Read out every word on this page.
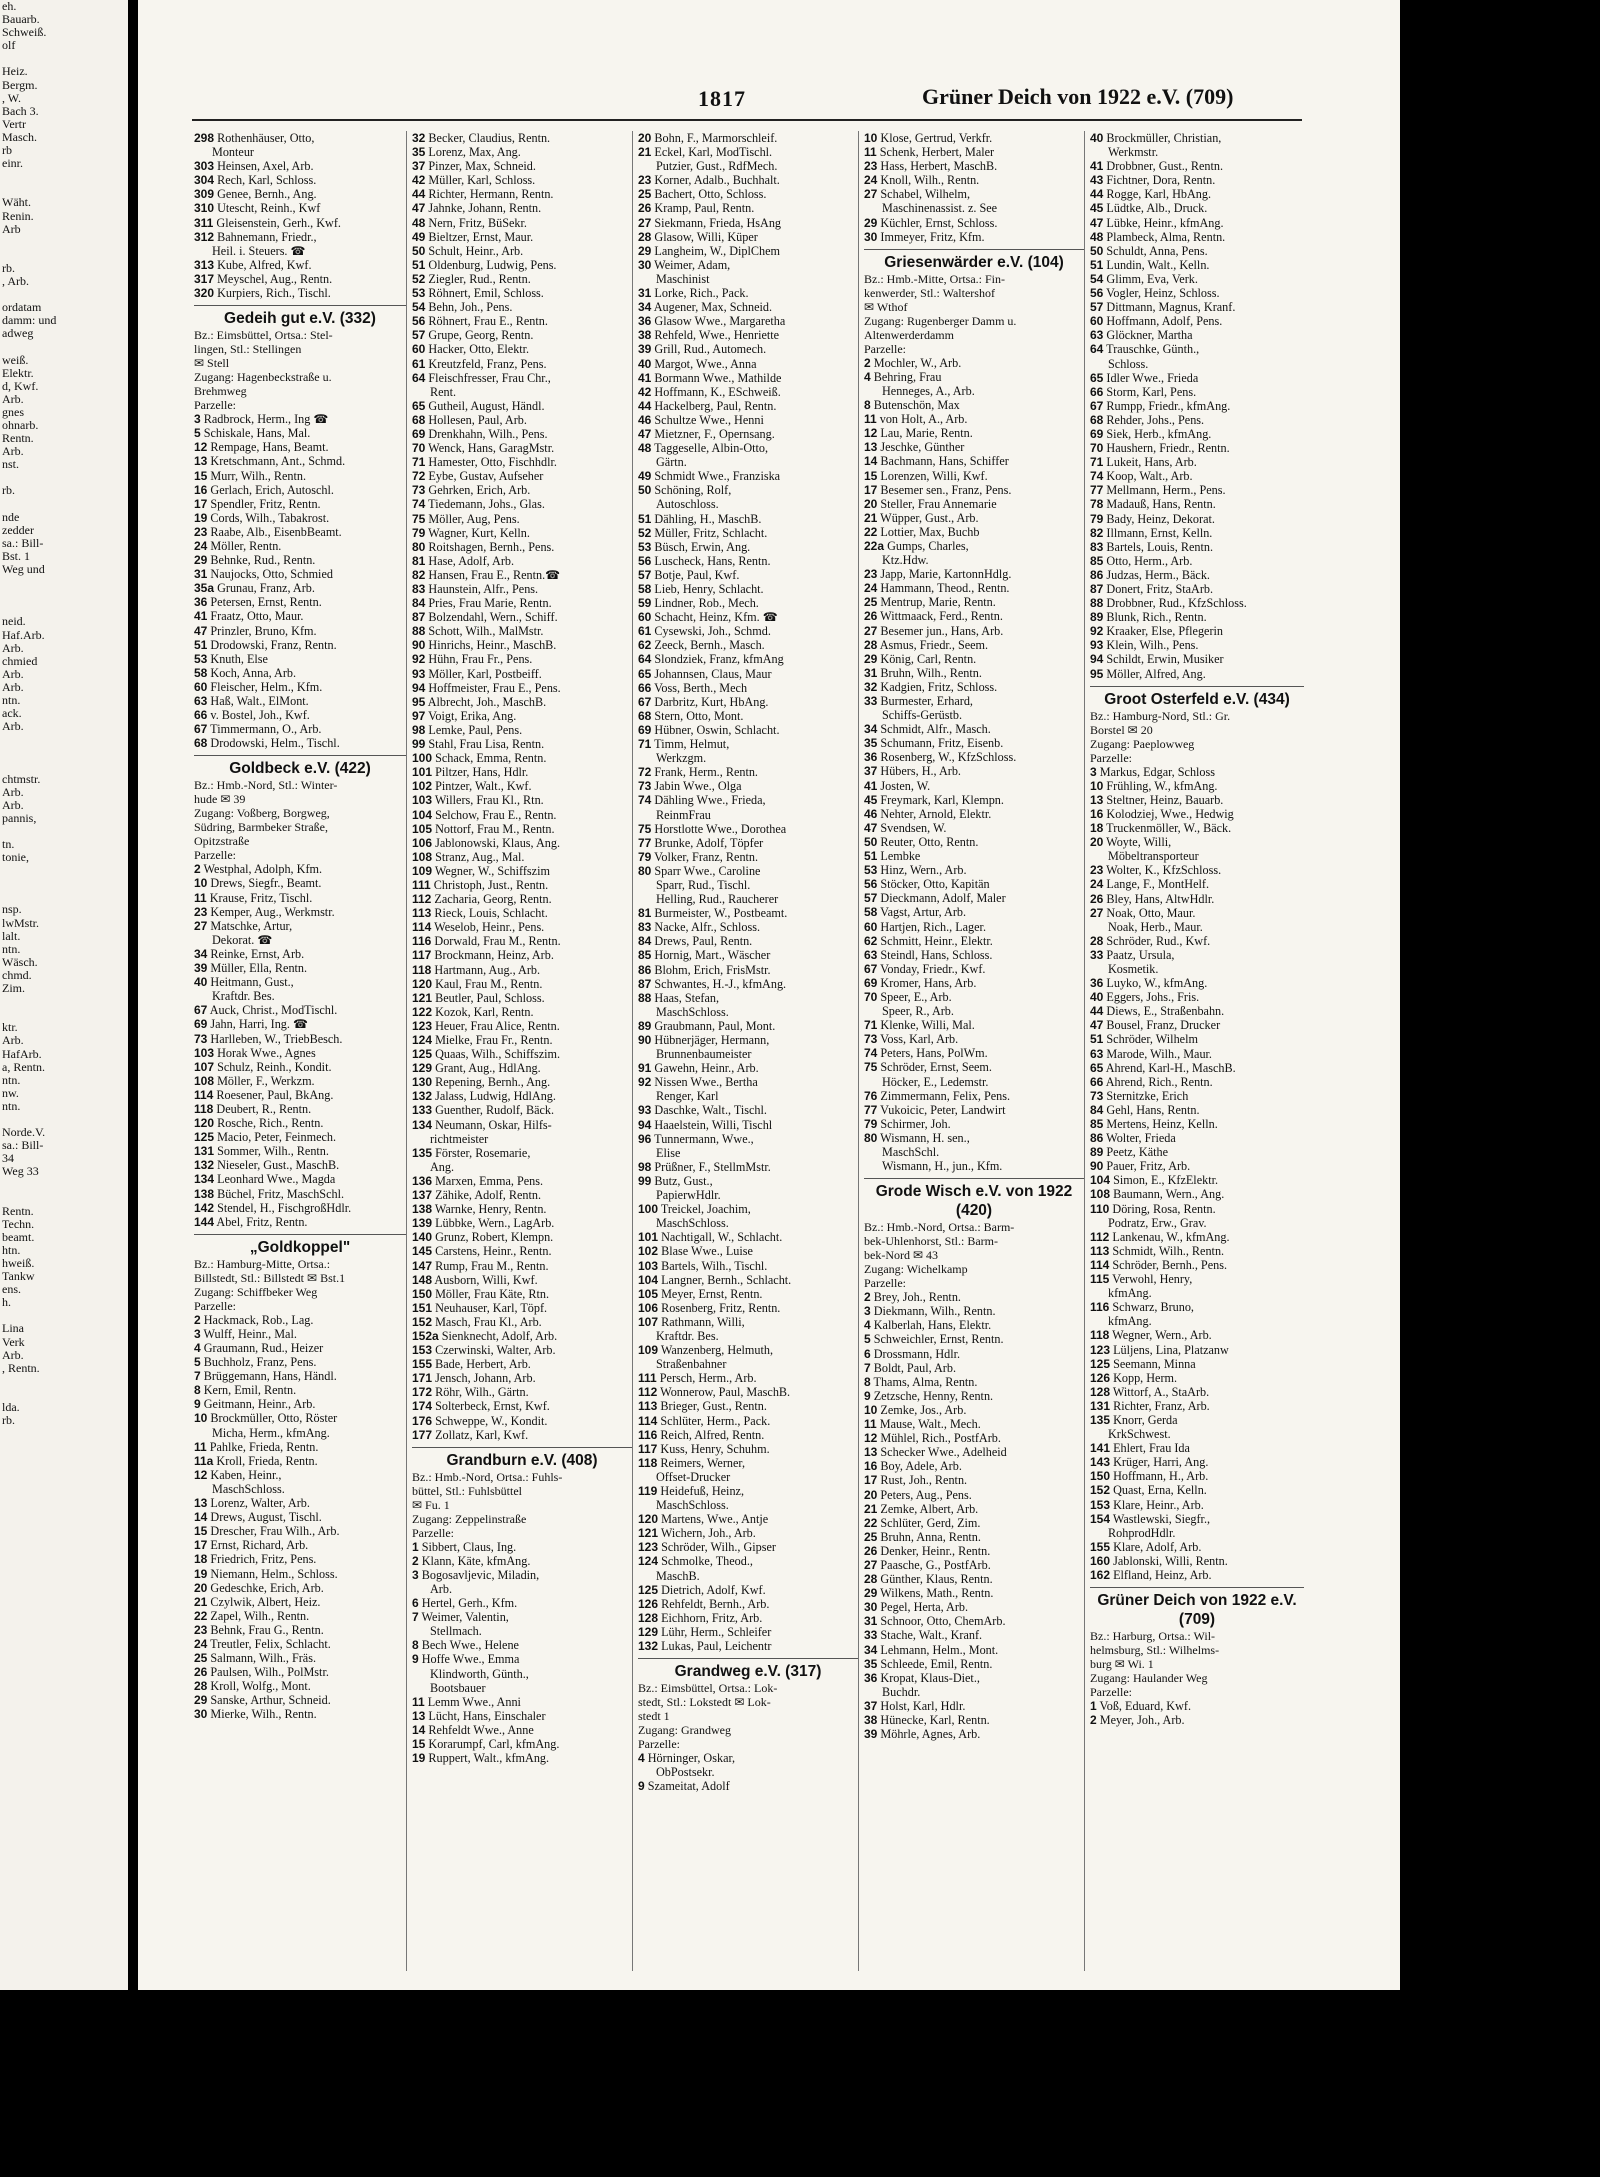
eh.
Bauarb.
Schweiß.
olf

Heiz.
Bergm.
, W.
Bach 3.
Vertr
Masch.
rb
einr.

Wäht.
Renin.
Arb

rb.
, Arb.

ordatam
damm: und
adweg

weiß.
Elektr.
d, Kwf.
Arb.
gnes
ohnarb.
Rentn.
Arb.
nst.

rb.

nde
zedder
sa.: Bill-
Bst. 1
Weg und

neid.
Haf.Arb.
Arb.
chmied
Arb.
Arb.
ntn.
ack.
Arb.

chtmstr.
Arb.
Arb.
pannis,

tn.
tonie,

nsp.
lwMstr.
lalt.
ntn.
Wäsch.
chmd.
Zim.

ktr.
Arb.
HafArb.
a, Rentn.
ntn.
nw.
ntn.

Norde.V.
sa.: Bill-
34
Weg 33

Rentn.
Techn.
beamt.
htn.
hweiß.
Tankw
ens.
h.

Lina
Verk
Arb.
, Rentn.

lda.
rb.
1817	Grüner Deich von 1922 e.V. (709)
298 Rothenhäuser, Otto,
Monteur
303 Heinsen, Axel, Arb.
304 Rech, Karl, Schloss.
309 Genee, Bernh., Ang.
310 Utescht, Reinh., Kwf
311 Gleisenstein, Gerh., Kwf.
312 Bahnemann, Friedr.,
Heil. i. Steuers. ☎
313 Kube, Alfred, Kwf.
317 Meyschel, Aug., Rentn.
320 Kurpiers, Rich., Tischl.
Gedeih gut e.V. (332)
Bz.: Eimsbüttel, Ortsa.: Stel-
lingen, Stl.: Stellingen
✉ Stell
Zugang: Hagenbeckstraße u.
Brehmweg
Parzelle:
3 Radbrock, Herm., Ing ☎
5 Schiskale, Hans, Mal.
12 Rempage, Hans, Beamt.
13 Kretschmann, Ant., Schmd.
15 Murr, Wilh., Rentn.
16 Gerlach, Erich, Autoschl.
17 Spendler, Fritz, Rentn.
19 Cords, Wilh., Tabakrost.
23 Raabe, Alb., EisenbBeamt.
24 Möller, Rentn.
29 Behnke, Rud., Rentn.
31 Naujocks, Otto, Schmied
35a Grunau, Franz, Arb.
36 Petersen, Ernst, Rentn.
41 Fraatz, Otto, Maur.
47 Prinzler, Bruno, Kfm.
51 Drodowski, Franz, Rentn.
53 Knuth, Else
58 Koch, Anna, Arb.
60 Fleischer, Helm., Kfm.
63 Haß, Walt., ElMont.
66 v. Bostel, Joh., Kwf.
67 Timmermann, O., Arb.
68 Drodowski, Helm., Tischl.
Goldbeck e.V. (422)
Bz.: Hmb.-Nord, Stl.: Winter-
hude ✉ 39
Zugang: Voßberg, Borgweg,
Südring, Barmbeker Straße,
Opitzstraße
Parzelle:
2 Westphal, Adolph, Kfm.
10 Drews, Siegfr., Beamt.
11 Krause, Fritz, Tischl.
23 Kemper, Aug., Werkmstr.
27 Matschke, Artur,
Dekorat. ☎
34 Reinke, Ernst, Arb.
39 Müller, Ella, Rentn.
40 Heitmann, Gust.,
Kraftdr. Bes.
67 Auck, Christ., ModTischl.
69 Jahn, Harri, Ing. ☎
73 Harlleben, W., TriebBesch.
103 Horak Wwe., Agnes
107 Schulz, Reinh., Kondit.
108 Möller, F., Werkzm.
114 Roesener, Paul, BkAng.
118 Deubert, R., Rentn.
120 Rosche, Rich., Rentn.
125 Macio, Peter, Feinmech.
131 Sommer, Wilh., Rentn.
132 Nieseler, Gust., MaschB.
134 Leonhard Wwe., Magda
138 Büchel, Fritz, MaschSchl.
142 Stendel, H., FischgroßHdlr.
144 Abel, Fritz, Rentn.
„Goldkoppel"
Bz.: Hamburg-Mitte, Ortsa.:
Billstedt, Stl.: Billstedt ✉ Bst.1
Zugang: Schiffbeker Weg
Parzelle:
2 Hackmack, Rob., Lag.
3 Wulff, Heinr., Mal.
4 Graumann, Rud., Heizer
5 Buchholz, Franz, Pens.
7 Brüggemann, Hans, Händl.
8 Kern, Emil, Rentn.
9 Geitmann, Heinr., Arb.
10 Brockmüller, Otto, Röster
Micha, Herm., kfmAng.
11 Pahlke, Frieda, Rentn.
11a Kroll, Frieda, Rentn.
12 Kaben, Heinr.,
MaschSchloss.
13 Lorenz, Walter, Arb.
14 Drews, August, Tischl.
15 Drescher, Frau Wilh., Arb.
17 Ernst, Richard, Arb.
18 Friedrich, Fritz, Pens.
19 Niemann, Helm., Schloss.
20 Gedeschke, Erich, Arb.
21 Czylwik, Albert, Heiz.
22 Zapel, Wilh., Rentn.
23 Behnk, Frau G., Rentn.
24 Treutler, Felix, Schlacht.
25 Salmann, Wilh., Fräs.
26 Paulsen, Wilh., PolMstr.
28 Kroll, Wolfg., Mont.
29 Sanske, Arthur, Schneid.
30 Mierke, Wilh., Rentn.
32 Becker, Claudius, Rentn.
35 Lorenz, Max, Ang.
37 Pinzer, Max, Schneid.
42 Müller, Karl, Schloss.
44 Richter, Hermann, Rentn.
47 Jahnke, Johann, Rentn.
48 Nern, Fritz, BüSekr.
49 Bieltzer, Ernst, Maur.
50 Schult, Heinr., Arb.
51 Oldenburg, Ludwig, Pens.
52 Ziegler, Rud., Rentn.
53 Röhnert, Emil, Schloss.
54 Behn, Joh., Pens.
56 Röhnert, Frau E., Rentn.
57 Grupe, Georg, Rentn.
60 Hacker, Otto, Elektr.
61 Kreutzfeld, Franz, Pens.
64 Fleischfresser, Frau Chr.,
Rent.
65 Gutheil, August, Händl.
68 Hollesen, Paul, Arb.
69 Drenkhahn, Wilh., Pens.
70 Wenck, Hans, GaragMstr.
71 Hamester, Otto, Fischhdlr.
72 Eybe, Gustav, Aufseher
73 Gehrken, Erich, Arb.
74 Tiedemann, Johs., Glas.
75 Möller, Aug, Pens.
79 Wagner, Kurt, Kelln.
80 Roitshagen, Bernh., Pens.
81 Hase, Adolf, Arb.
82 Hansen, Frau E., Rentn.☎
83 Haunstein, Alfr., Pens.
84 Pries, Frau Marie, Rentn.
87 Bolzendahl, Wern., Schiff.
88 Schott, Wilh., MalMstr.
90 Hinrichs, Heinr., MaschB.
92 Hühn, Frau Fr., Pens.
93 Möller, Karl, Postbeiff.
94 Hoffmeister, Frau E., Pens.
95 Albrecht, Joh., MaschB.
97 Voigt, Erika, Ang.
98 Lemke, Paul, Pens.
99 Stahl, Frau Lisa, Rentn.
100 Schack, Emma, Rentn.
101 Piltzer, Hans, Hdlr.
102 Pintzer, Walt., Kwf.
103 Willers, Frau Kl., Rtn.
104 Selchow, Frau E., Rentn.
105 Nottorf, Frau M., Rentn.
106 Jablonowski, Klaus, Ang.
108 Stranz, Aug., Mal.
109 Wegner, W., Schiffszim
111 Christoph, Just., Rentn.
112 Zacharia, Georg, Rentn.
113 Rieck, Louis, Schlacht.
114 Weselob, Heinr., Pens.
116 Dorwald, Frau M., Rentn.
117 Brockmann, Heinz, Arb.
118 Hartmann, Aug., Arb.
120 Kaul, Frau M., Rentn.
121 Beutler, Paul, Schloss.
122 Kozok, Karl, Rentn.
123 Heuer, Frau Alice, Rentn.
124 Mielke, Frau Fr., Rentn.
125 Quaas, Wilh., Schiffszim.
129 Grant, Aug., HdlAng.
130 Repening, Bernh., Ang.
132 Jalass, Ludwig, HdlAng.
133 Guenther, Rudolf, Bäck.
134 Neumann, Oskar, Hilfs-
richtmeister
135 Förster, Rosemarie,
Ang.
136 Marxen, Emma, Pens.
137 Zähike, Adolf, Rentn.
138 Warnke, Henry, Rentn.
139 Lübbke, Wern., LagArb.
140 Grunz, Robert, Klempn.
145 Carstens, Heinr., Rentn.
147 Rump, Frau M., Rentn.
148 Ausborn, Willi, Kwf.
150 Möller, Frau Käte, Rtn.
151 Neuhauser, Karl, Töpf.
152 Masch, Frau Kl., Arb.
152a Sienknecht, Adolf, Arb.
153 Czerwinski, Walter, Arb.
155 Bade, Herbert, Arb.
171 Jensch, Johann, Arb.
172 Röhr, Wilh., Gärtn.
174 Solterbeck, Ernst, Kwf.
176 Schweppe, W., Kondit.
177 Zollatz, Karl, Kwf.
Grandburn e.V. (408)
Bz.: Hmb.-Nord, Ortsa.: Fuhls-
büttel, Stl.: Fuhlsbüttel
✉ Fu. 1
Zugang: Zeppelinstraße
Parzelle:
1 Sibbert, Claus, Ing.
2 Klann, Käte, kfmAng.
3 Bogosavljevic, Miladin,
Arb.
6 Hertel, Gerh., Kfm.
7 Weimer, Valentin,
Stellmach.
8 Bech Wwe., Helene
9 Hoffe Wwe., Emma
Klindworth, Günth.,
Bootsbauer
11 Lemm Wwe., Anni
13 Lücht, Hans, Einschaler
14 Rehfeldt Wwe., Anne
15 Korarumpf, Carl, kfmAng.
19 Ruppert, Walt., kfmAng.
20 Bohn, F., Marmorschleif.
21 Eckel, Karl, ModTischl.
Putzier, Gust., RdfMech.
23 Korner, Adalb., Buchhalt.
25 Bachert, Otto, Schloss.
26 Kramp, Paul, Rentn.
27 Siekmann, Frieda, HsAng
28 Glasow, Willi, Küper
29 Langheim, W., DiplChem
30 Weimer, Adam,
Maschinist
31 Lorke, Rich., Pack.
34 Augener, Max, Schneid.
36 Glasow Wwe., Margaretha
38 Rehfeld, Wwe., Henriette
39 Grill, Rud., Automech.
40 Margot, Wwe., Anna
41 Bormann Wwe., Mathilde
42 Hoffmann, K., ESchweiß.
44 Hackelberg, Paul, Rentn.
46 Schultze Wwe., Henni
47 Mietzner, F., Opernsang.
48 Taggeselle, Albin-Otto,
Gärtn.
49 Schmidt Wwe., Franziska
50 Schöning, Rolf,
Autoschloss.
51 Dähling, H., MaschB.
52 Müller, Fritz, Schlacht.
53 Büsch, Erwin, Ang.
56 Luscheck, Hans, Rentn.
57 Botje, Paul, Kwf.
58 Lieb, Henry, Schlacht.
59 Lindner, Rob., Mech.
60 Schacht, Heinz, Kfm. ☎
61 Cysewski, Joh., Schmd.
62 Zeeck, Bernh., Masch.
64 Slondziek, Franz, kfmAng
65 Johannsen, Claus, Maur
66 Voss, Berth., Mech
67 Darbritz, Kurt, HbAng.
68 Stern, Otto, Mont.
69 Hübner, Oswin, Schlacht.
71 Timm, Helmut,
Werkzgm.
72 Frank, Herm., Rentn.
73 Jabin Wwe., Olga
74 Dähling Wwe., Frieda,
ReinmFrau
75 Horstlotte Wwe., Dorothea
77 Brunke, Adolf, Töpfer
79 Volker, Franz, Rentn.
80 Sparr Wwe., Caroline
Sparr, Rud., Tischl.
Helling, Rud., Raucherer
81 Burmeister, W., Postbeamt.
83 Nacke, Alfr., Schloss.
84 Drews, Paul, Rentn.
85 Hornig, Mart., Wäscher
86 Blohm, Erich, FrisMstr.
87 Schwantes, H.-J., kfmAng.
88 Haas, Stefan,
MaschSchloss.
89 Graubmann, Paul, Mont.
90 Hübnerjäger, Hermann,
Brunnenbaumeister
91 Gawehn, Heinr., Arb.
92 Nissen Wwe., Bertha
Renger, Karl
93 Daschke, Walt., Tischl.
94 Haaelstein, Willi, Tischl
96 Tunnermann, Wwe.,
Elise
98 Prüßner, F., StellmMstr.
99 Butz, Gust.,
PapierwHdlr.
100 Treickel, Joachim,
MaschSchloss.
101 Nachtigall, W., Schlacht.
102 Blase Wwe., Luise
103 Bartels, Wilh., Tischl.
104 Langner, Bernh., Schlacht.
105 Meyer, Ernst, Rentn.
106 Rosenberg, Fritz, Rentn.
107 Rathmann, Willi,
Kraftdr. Bes.
109 Wanzenberg, Helmuth,
Straßenbahner
111 Persch, Herm., Arb.
112 Wonnerow, Paul, MaschB.
113 Brieger, Gust., Rentn.
114 Schlüter, Herm., Pack.
116 Reich, Alfred, Rentn.
117 Kuss, Henry, Schuhm.
118 Reimers, Werner,
Offset-Drucker
119 Heidefuß, Heinz,
MaschSchloss.
120 Martens, Wwe., Antje
121 Wichern, Joh., Arb.
123 Schröder, Wilh., Gipser
124 Schmolke, Theod.,
MaschB.
125 Dietrich, Adolf, Kwf.
126 Rehfeldt, Bernh., Arb.
128 Eichhorn, Fritz, Arb.
129 Lühr, Herm., Schleifer
132 Lukas, Paul, Leichentr
Grandweg e.V. (317)
Bz.: Eimsbüttel, Ortsa.: Lok-
stedt, Stl.: Lokstedt ✉ Lok-
stedt 1
Zugang: Grandweg
Parzelle:
4 Hörninger, Oskar,
ObPostsekr.
9 Szameitat, Adolf
10 Klose, Gertrud, Verkfr.
11 Schenk, Herbert, Maler
23 Hass, Herbert, MaschB.
24 Knoll, Wilh., Rentn.
27 Schabel, Wilhelm,
Maschinenassist. z. See
29 Küchler, Ernst, Schloss.
30 Immeyer, Fritz, Kfm.
Griesenwärder e.V. (104)
Bz.: Hmb.-Mitte, Ortsa.: Fin-
kenwerder, Stl.: Waltershof
✉ Wthof
Zugang: Rugenberger Damm u.
Altenwerderdamm
Parzelle:
2 Mochler, W., Arb.
4 Behring, Frau
Henneges, A., Arb.
8 Butenschön, Max
11 von Holt, A., Arb.
12 Lau, Marie, Rentn.
13 Jeschke, Günther
14 Bachmann, Hans, Schiffer
15 Lorenzen, Willi, Kwf.
17 Besemer sen., Franz, Pens.
20 Steller, Frau Annemarie
21 Wüpper, Gust., Arb.
22 Lottier, Max, Buchb
22a Gumps, Charles,
Ktz.Hdw.
23 Japp, Marie, KartonnHdlg.
24 Hammann, Theod., Rentn.
25 Mentrup, Marie, Rentn.
26 Wittmaack, Ferd., Rentn.
27 Besemer jun., Hans, Arb.
28 Asmus, Friedr., Seem.
29 König, Carl, Rentn.
31 Bruhn, Wilh., Rentn.
32 Kadgien, Fritz, Schloss.
33 Burmester, Erhard,
Schiffs-Gerüstb.
34 Schmidt, Alfr., Masch.
35 Schumann, Fritz, Eisenb.
36 Rosenberg, W., KfzSchloss.
37 Hübers, H., Arb.
41 Josten, W.
45 Freymark, Karl, Klempn.
46 Nehter, Arnold, Elektr.
47 Svendsen, W.
50 Reuter, Otto, Rentn.
51 Lembke
53 Hinz, Wern., Arb.
56 Stöcker, Otto, Kapitän
57 Dieckmann, Adolf, Maler
58 Vagst, Artur, Arb.
60 Hartjen, Rich., Lager.
62 Schmitt, Heinr., Elektr.
63 Steindl, Hans, Schloss.
67 Vonday, Friedr., Kwf.
69 Kromer, Hans, Arb.
70 Speer, E., Arb.
Speer, R., Arb.
71 Klenke, Willi, Mal.
73 Voss, Karl, Arb.
74 Peters, Hans, PolWm.
75 Schröder, Ernst, Seem.
Höcker, E., Ledemstr.
76 Zimmermann, Felix, Pens.
77 Vukoicic, Peter, Landwirt
79 Schirmer, Joh.
80 Wismann, H. sen.,
MaschSchl.
Wismann, H., jun., Kfm.
Grode Wisch e.V. von 1922
(420)
Bz.: Hmb.-Nord, Ortsa.: Barm-
bek-Uhlenhorst, Stl.: Barm-
bek-Nord ✉ 43
Zugang: Wichelkamp
Parzelle:
2 Brey, Joh., Rentn.
3 Diekmann, Wilh., Rentn.
4 Kalberlah, Hans, Elektr.
5 Schweichler, Ernst, Rentn.
6 Drossmann, Hdlr.
7 Boldt, Paul, Arb.
8 Thams, Alma, Rentn.
9 Zetzsche, Henny, Rentn.
10 Zemke, Jos., Arb.
11 Mause, Walt., Mech.
12 Mühlel, Rich., PostfArb.
13 Schecker Wwe., Adelheid
16 Boy, Adele, Arb.
17 Rust, Joh., Rentn.
20 Peters, Aug., Pens.
21 Zemke, Albert, Arb.
22 Schlüter, Gerd, Zim.
25 Bruhn, Anna, Rentn.
26 Denker, Heinr., Rentn.
27 Paasche, G., PostfArb.
28 Günther, Klaus, Rentn.
29 Wilkens, Math., Rentn.
30 Pegel, Herta, Arb.
31 Schnoor, Otto, ChemArb.
33 Stache, Walt., Kranf.
34 Lehmann, Helm., Mont.
35 Schleede, Emil, Rentn.
36 Kropat, Klaus-Diet.,
Buchdr.
37 Holst, Karl, Hdlr.
38 Hünecke, Karl, Rentn.
39 Möhrle, Agnes, Arb.
40 Brockmüller, Christian,
Werkmstr.
41 Drobbner, Gust., Rentn.
43 Fichtner, Dora, Rentn.
44 Rogge, Karl, HbAng.
45 Lüdtke, Alb., Druck.
47 Lübke, Heinr., kfmAng.
48 Plambeck, Alma, Rentn.
50 Schuldt, Anna, Pens.
51 Lundin, Walt., Kelln.
54 Glimm, Eva, Verk.
56 Vogler, Heinz, Schloss.
57 Dittmann, Magnus, Kranf.
60 Hoffmann, Adolf, Pens.
63 Glöckner, Martha
64 Trauschke, Günth.,
Schloss.
65 Idler Wwe., Frieda
66 Storm, Karl, Pens.
67 Rumpp, Friedr., kfmAng.
68 Rehder, Johs., Pens.
69 Siek, Herb., kfmAng.
70 Haushern, Friedr., Rentn.
71 Lukeit, Hans, Arb.
74 Koop, Walt., Arb.
77 Mellmann, Herm., Pens.
78 Madauß, Hans, Rentn.
79 Bady, Heinz, Dekorat.
82 Illmann, Ernst, Kelln.
83 Bartels, Louis, Rentn.
85 Otto, Herm., Arb.
86 Judzas, Herm., Bäck.
87 Donert, Fritz, StaArb.
88 Drobbner, Rud., KfzSchloss.
89 Blunk, Rich., Rentn.
92 Kraaker, Else, Pflegerin
93 Klein, Wilh., Pens.
94 Schildt, Erwin, Musiker
95 Möller, Alfred, Ang.
Groot Osterfeld e.V. (434)
Bz.: Hamburg-Nord, Stl.: Gr.
Borstel ✉ 20
Zugang: Paeplowweg
Parzelle:
3 Markus, Edgar, Schloss
10 Frühling, W., kfmAng.
13 Steltner, Heinz, Bauarb.
16 Kolodziej, Wwe., Hedwig
18 Truckenmöller, W., Bäck.
20 Woyte, Willi,
Möbeltransporteur
23 Wolter, K., KfzSchloss.
24 Lange, F., MontHelf.
26 Bley, Hans, AltwHdlr.
27 Noak, Otto, Maur.
Noak, Herb., Maur.
28 Schröder, Rud., Kwf.
33 Paatz, Ursula,
Kosmetik.
36 Luyko, W., kfmAng.
40 Eggers, Johs., Fris.
44 Diews, E., Straßenbahn.
47 Bousel, Franz, Drucker
51 Schröder, Wilhelm
63 Marode, Wilh., Maur.
65 Ahrend, Karl-H., MaschB.
66 Ahrend, Rich., Rentn.
73 Sternitzke, Erich
84 Gehl, Hans, Rentn.
85 Mertens, Heinz, Kelln.
86 Wolter, Frieda
89 Peetz, Käthe
90 Pauer, Fritz, Arb.
104 Simon, E., KfzElektr.
108 Baumann, Wern., Ang.
110 Döring, Rosa, Rentn.
Podratz, Erw., Grav.
112 Lankenau, W., kfmAng.
113 Schmidt, Wilh., Rentn.
114 Schröder, Bernh., Pens.
115 Verwohl, Henry,
kfmAng.
116 Schwarz, Bruno,
kfmAng.
118 Wegner, Wern., Arb.
123 Lüljens, Lina, Platzanw
125 Seemann, Minna
126 Kopp, Herm.
128 Wittorf, A., StaArb.
131 Richter, Franz, Arb.
135 Knorr, Gerda
KrkSchwest.
141 Ehlert, Frau Ida
143 Krüger, Harri, Ang.
150 Hoffmann, H., Arb.
152 Quast, Erna, Kelln.
153 Klare, Heinr., Arb.
154 Wastlewski, Siegfr.,
RohprodHdlr.
155 Klare, Adolf, Arb.
160 Jablonski, Willi, Rentn.
162 Elfland, Heinz, Arb.
Grüner Deich von 1922 e.V.
(709)
Bz.: Harburg, Ortsa.: Wil-
helmsburg, Stl.: Wilhelms-
burg ✉ Wi. 1
Zugang: Haulander Weg
Parzelle:
1 Voß, Eduard, Kwf.
2 Meyer, Joh., Arb.
